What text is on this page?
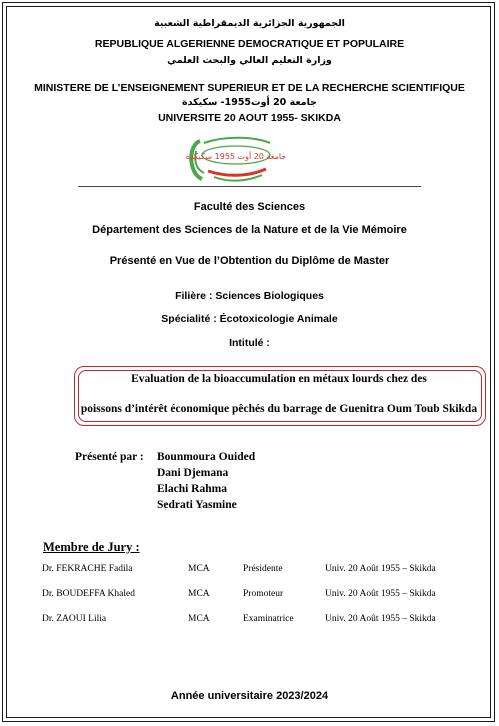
الجمهورية الجزائرية الديمقراطية الشعبية
REPUBLIQUE ALGERIENNE DEMOCRATIQUE ET POPULAIRE
وزارة التعليم العالي والبحث العلمي
MINISTERE DE L’ENSEIGNEMENT SUPERIEUR ET DE LA RECHERCHE SCIENTIFIQUE
جامعة 20 أوت1955- سكيكدة
UNIVERSITE 20 AOUT 1955- SKIKDA
جامعة 20 أوت 1955 سكيكدة
Faculté des Sciences
Département des Sciences de la Nature et de la Vie Mémoire
Présenté en Vue de l’Obtention du Diplôme de Master
Filière : Sciences Biologiques
Spécialité : Écotoxicologie Animale
Intitulé :
Evaluation de la bioaccumulation en métaux lourds chez des
poissons d’intérêt économique pêchés du barrage de Guenitra Oum Toub Skikda
Présenté par : Bounmoura Ouided
Dani Djemana
Elachi Rahma
Sedrati Yasmine
Membre de Jury :
Dr. FEKRACHE Fadila	MCA	Présidente	Univ. 20 Août 1955 – Skikda
Dr. BOUDEFFA Khaled	MCA	Promoteur	Univ. 20 Août 1955 – Skikda
Dr. ZAOUI Lilia	MCA	Examinatrice	Univ. 20 Août 1955 – Skikda
Année universitaire 2023/2024
